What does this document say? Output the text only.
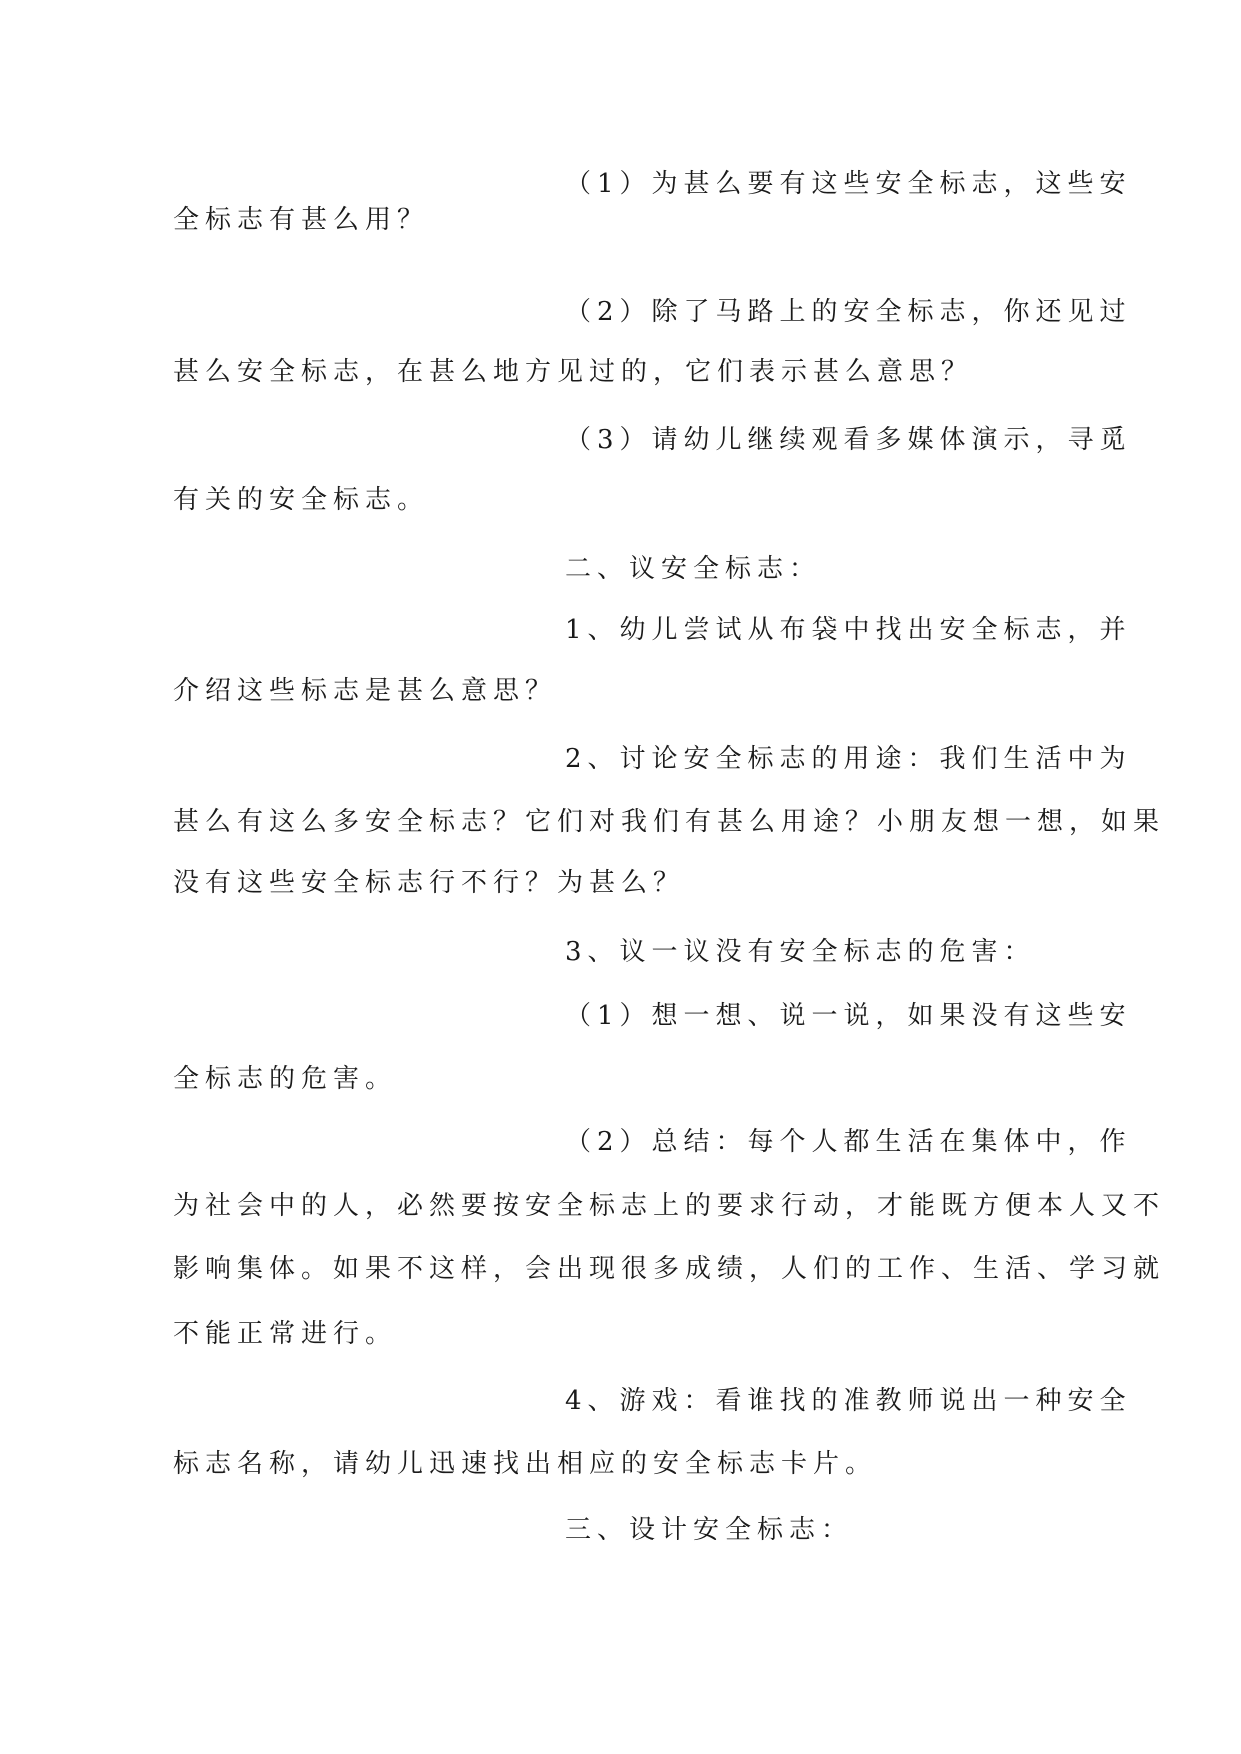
（1）为甚么要有这些安全标志，这些安
全标志有甚么用？
（2）除了马路上的安全标志，你还见过
甚么安全标志，在甚么地方见过的，它们表示甚么意思？
（3）请幼儿继续观看多媒体演示，寻觅
有关的安全标志。
二、议安全标志：
1、幼儿尝试从布袋中找出安全标志，并
介绍这些标志是甚么意思？
2、讨论安全标志的用途：我们生活中为
甚么有这么多安全标志？它们对我们有甚么用途？小朋友想一想，如果
没有这些安全标志行不行？为甚么？
3、议一议没有安全标志的危害：
（1）想一想、说一说，如果没有这些安
全标志的危害。
（2）总结：每个人都生活在集体中，作
为社会中的人，必然要按安全标志上的要求行动，才能既方便本人又不
影响集体。如果不这样，会出现很多成绩，人们的工作、生活、学习就
不能正常进行。
4、游戏：看谁找的准教师说出一种安全
标志名称，请幼儿迅速找出相应的安全标志卡片。
三、设计安全标志：
